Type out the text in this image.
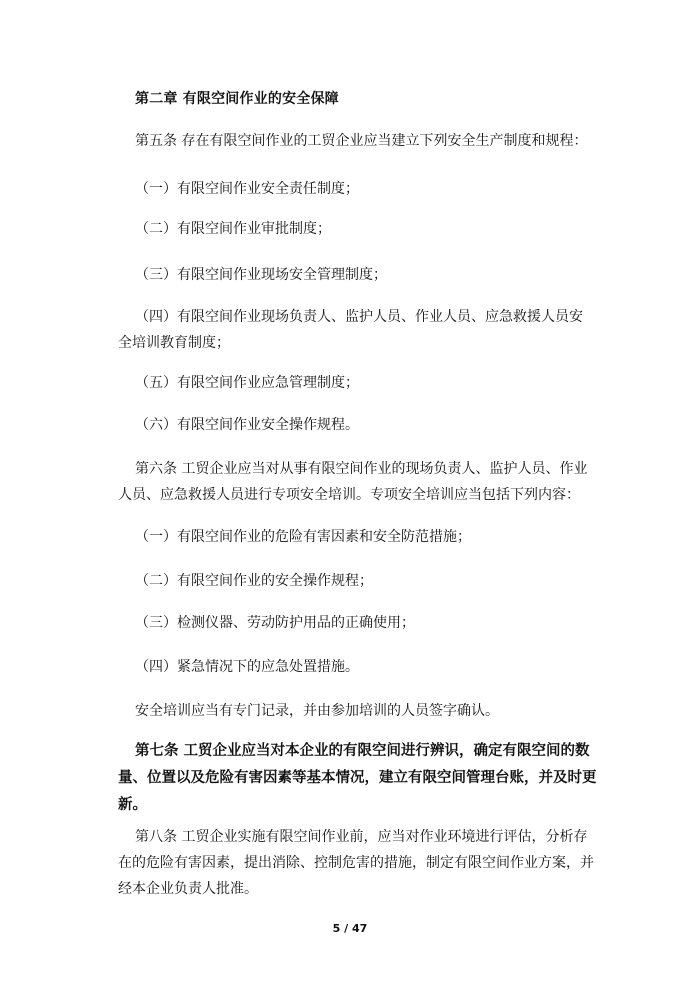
第二章 有限空间作业的安全保障
第五条 存在有限空间作业的工贸企业应当建立下列安全生产制度和规程：
（一）有限空间作业安全责任制度；
（二）有限空间作业审批制度；
（三）有限空间作业现场安全管理制度；
（四）有限空间作业现场负责人、监护人员、作业人员、应急救援人员安
全培训教育制度；
（五）有限空间作业应急管理制度；
（六）有限空间作业安全操作规程。
第六条 工贸企业应当对从事有限空间作业的现场负责人、监护人员、作业
人员、应急救援人员进行专项安全培训。专项安全培训应当包括下列内容：
（一）有限空间作业的危险有害因素和安全防范措施；
（二）有限空间作业的安全操作规程；
（三）检测仪器、劳动防护用品的正确使用；
（四）紧急情况下的应急处置措施。
安全培训应当有专门记录，并由参加培训的人员签字确认。
第七条 工贸企业应当对本企业的有限空间进行辨识，确定有限空间的数
量、位置以及危险有害因素等基本情况，建立有限空间管理台账，并及时更
新。
第八条 工贸企业实施有限空间作业前，应当对作业环境进行评估，分析存
在的危险有害因素，提出消除、控制危害的措施，制定有限空间作业方案，并
经本企业负责人批准。
5 / 47
